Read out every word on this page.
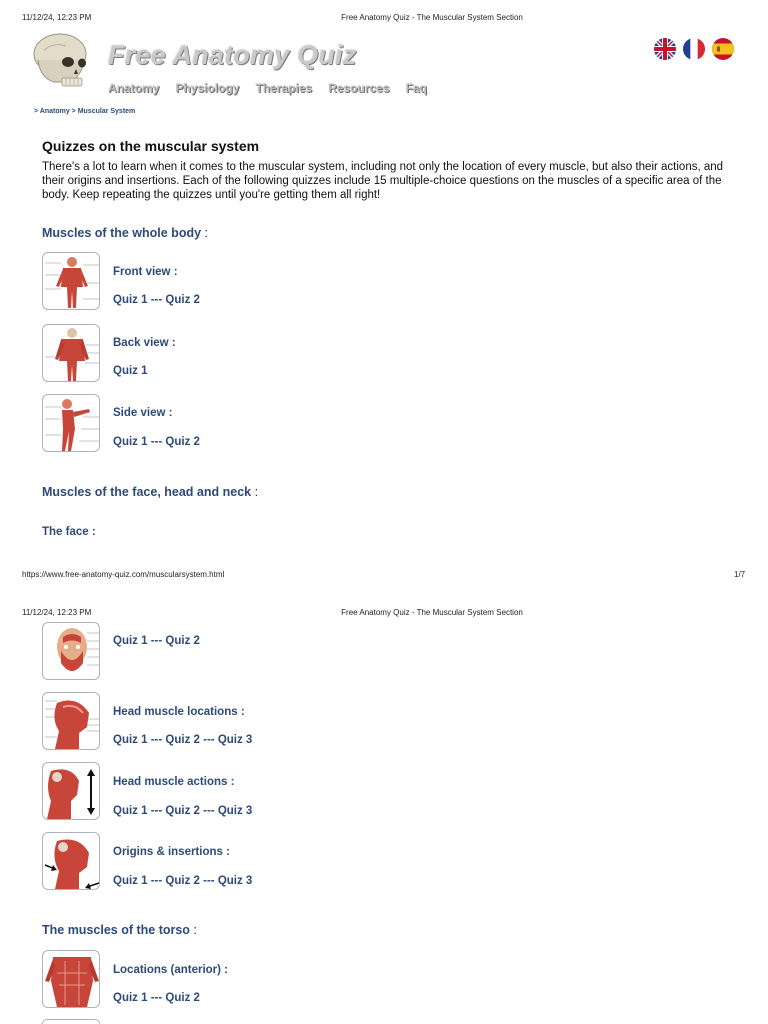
11/12/24, 12:23 PM	Free Anatomy Quiz - The Muscular System Section
Free Anatomy Quiz
Anatomy Physiology Therapies Resources Faq
> Anatomy > Muscular System
Quizzes on the muscular system
There's a lot to learn when it comes to the muscular system, including not only the location of every muscle, but also their actions, and their origins and insertions. Each of the following quizzes include 15 multiple-choice questions on the muscles of a specific area of the body. Keep repeating the quizzes until you're getting them all right!
Muscles of the whole body :
Front view :
Quiz 1 --- Quiz 2
Back view :
Quiz 1
Side view :
Quiz 1 --- Quiz 2
Muscles of the face, head and neck :
The face :
https://www.free-anatomy-quiz.com/muscularsystem.html	1/7
11/12/24, 12:23 PM	Free Anatomy Quiz - The Muscular System Section
Quiz 1 --- Quiz 2
Head muscle locations :
Quiz 1 --- Quiz 2 --- Quiz 3
Head muscle actions :
Quiz 1 --- Quiz 2 --- Quiz 3
Origins & insertions :
Quiz 1 --- Quiz 2 --- Quiz 3
The muscles of the torso :
Locations (anterior) :
Quiz 1 --- Quiz 2
